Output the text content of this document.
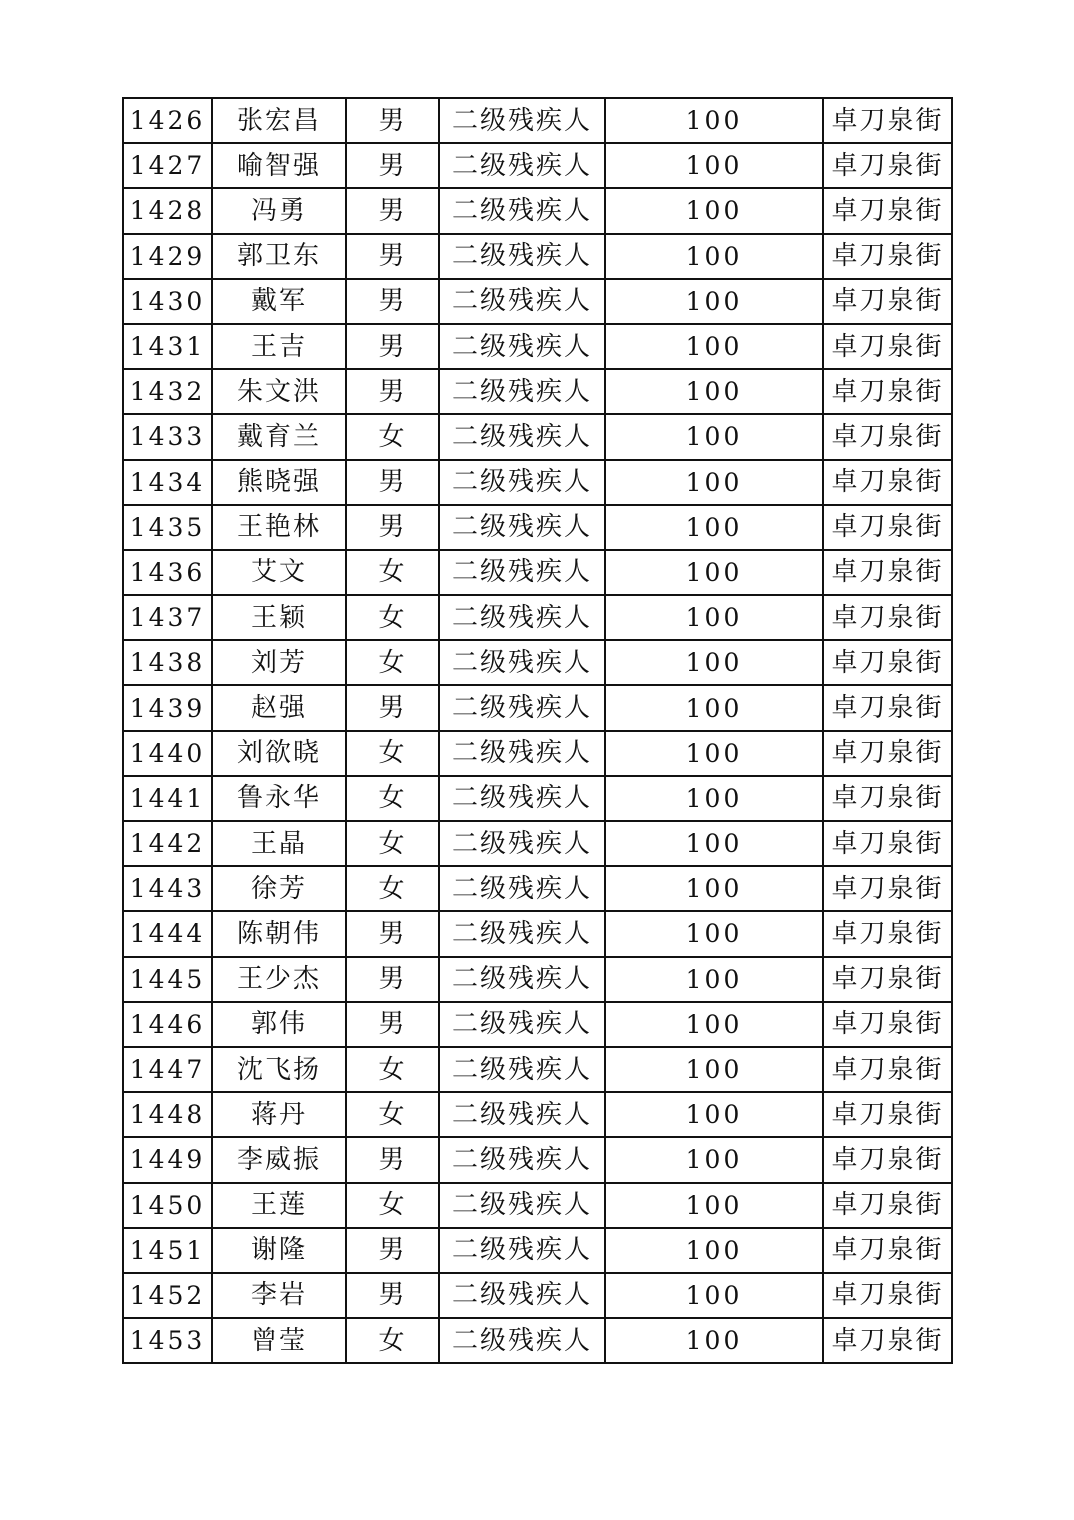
1426	张宏昌	男	二级残疾人	100	卓刀泉街
1427	喻智强	男	二级残疾人	100	卓刀泉街
1428	冯勇	男	二级残疾人	100	卓刀泉街
1429	郭卫东	男	二级残疾人	100	卓刀泉街
1430	戴军	男	二级残疾人	100	卓刀泉街
1431	王吉	男	二级残疾人	100	卓刀泉街
1432	朱文洪	男	二级残疾人	100	卓刀泉街
1433	戴育兰	女	二级残疾人	100	卓刀泉街
1434	熊晓强	男	二级残疾人	100	卓刀泉街
1435	王艳林	男	二级残疾人	100	卓刀泉街
1436	艾文	女	二级残疾人	100	卓刀泉街
1437	王颖	女	二级残疾人	100	卓刀泉街
1438	刘芳	女	二级残疾人	100	卓刀泉街
1439	赵强	男	二级残疾人	100	卓刀泉街
1440	刘欲晓	女	二级残疾人	100	卓刀泉街
1441	鲁永华	女	二级残疾人	100	卓刀泉街
1442	王晶	女	二级残疾人	100	卓刀泉街
1443	徐芳	女	二级残疾人	100	卓刀泉街
1444	陈朝伟	男	二级残疾人	100	卓刀泉街
1445	王少杰	男	二级残疾人	100	卓刀泉街
1446	郭伟	男	二级残疾人	100	卓刀泉街
1447	沈飞扬	女	二级残疾人	100	卓刀泉街
1448	蒋丹	女	二级残疾人	100	卓刀泉街
1449	李威振	男	二级残疾人	100	卓刀泉街
1450	王莲	女	二级残疾人	100	卓刀泉街
1451	谢隆	男	二级残疾人	100	卓刀泉街
1452	李岩	男	二级残疾人	100	卓刀泉街
1453	曾莹	女	二级残疾人	100	卓刀泉街
